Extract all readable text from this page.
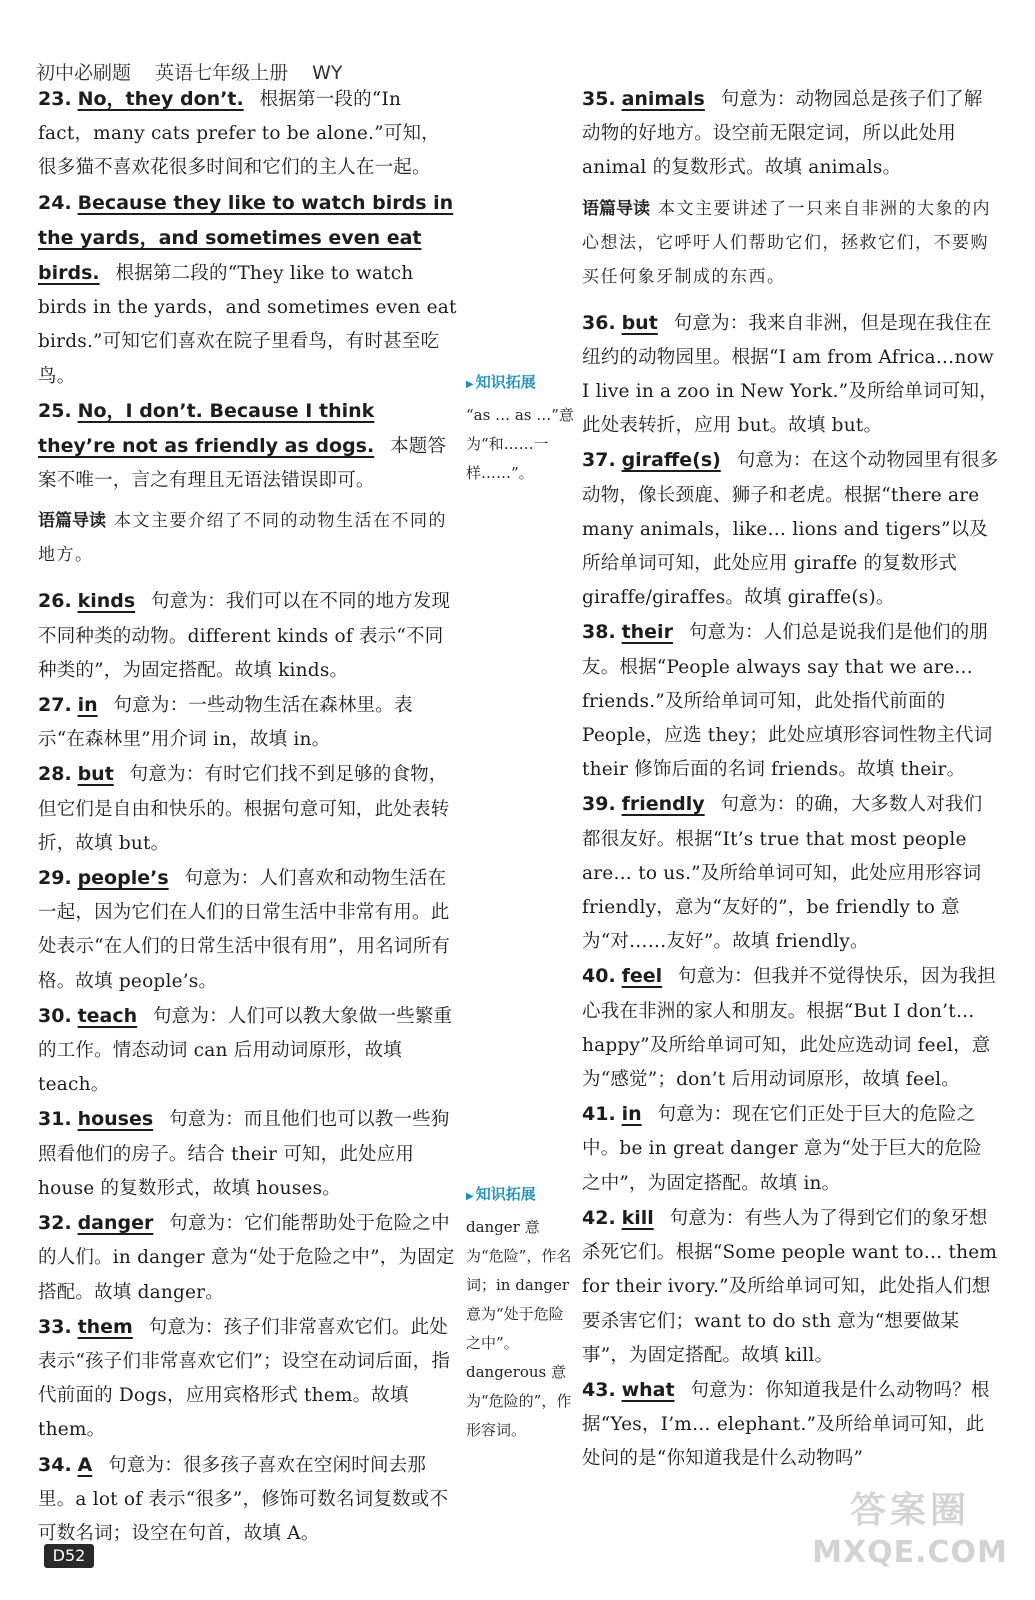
初中必刷题 英语七年级上册 WY

23. No，they don’t. 根据第一段的“In fact，many cats prefer to be alone.”可知，很多猫不喜欢花很多时间和它们的主人在一起。

24. Because they like to watch birds in the yards，and sometimes even eat birds. 根据第二段的“They like to watch birds in the yards，and sometimes even eat birds.”可知它们喜欢在院子里看鸟，有时甚至吃鸟。

25. No，I don’t. Because I think they’re not as friendly as dogs. 本题答案不唯一，言之有理且无语法错误即可。

语篇导读 本文主要介绍了不同的动物生活在不同的地方。

26. kinds 句意为：我们可以在不同的地方发现不同种类的动物。different kinds of 表示“不同种类的”，为固定搭配。故填 kinds。

27. in 句意为：一些动物生活在森林里。表示“在森林里”用介词 in，故填 in。

28. but 句意为：有时它们找不到足够的食物，但它们是自由和快乐的。根据句意可知，此处表转折，故填 but。

29. people’s 句意为：人们喜欢和动物生活在一起，因为它们在人们的日常生活中非常有用。此处表示“在人们的日常生活中很有用”，用名词所有格。故填 people’s。

30. teach 句意为：人们可以教大象做一些繁重的工作。情态动词 can 后用动词原形，故填 teach。

31. houses 句意为：而且他们也可以教一些狗照看他们的房子。结合 their 可知，此处应用 house 的复数形式，故填 houses。

32. danger 句意为：它们能帮助处于危险之中的人们。in danger 意为“处于危险之中”，为固定搭配。故填 danger。

33. them 句意为：孩子们非常喜欢它们。此处表示“孩子们非常喜欢它们”；设空在动词后面，指代前面的 Dogs，应用宾格形式 them。故填 them。

34. A 句意为：很多孩子喜欢在空闲时间去那里。a lot of 表示“很多”，修饰可数名词复数或不可数名词；设空在句首，故填 A。

▶ 知识拓展
“as … as …”意为“和……一样……”。
▶ 知识拓展
danger 意为“危险”，作名词；in danger 意为“处于危险之中”。dangerous 意为“危险的”，作形容词。

35. animals 句意为：动物园总是孩子们了解动物的好地方。设空前无限定词，所以此处用 animal 的复数形式。故填 animals。

语篇导读 本文主要讲述了一只来自非洲的大象的内心想法，它呼吁人们帮助它们，拯救它们，不要购买任何象牙制成的东西。

36. but 句意为：我来自非洲，但是现在我住在纽约的动物园里。根据“I am from Africa…now I live in a zoo in New York.”及所给单词可知，此处表转折，应用 but。故填 but。

37. giraffe(s) 句意为：在这个动物园里有很多动物，像长颈鹿、狮子和老虎。根据“there are many animals，like… lions and tigers”以及所给单词可知，此处应用 giraffe 的复数形式 giraffe/giraffes。故填 giraffe(s)。

38. their 句意为：人们总是说我们是他们的朋友。根据“People always say that we are… friends.”及所给单词可知，此处指代前面的 People，应选 they；此处应填形容词性物主代词 their 修饰后面的名词 friends。故填 their。

39. friendly 句意为：的确，大多数人对我们都很友好。根据“It’s true that most people are… to us.”及所给单词可知，此处应用形容词 friendly，意为“友好的”，be friendly to 意为“对……友好”。故填 friendly。

40. feel 句意为：但我并不觉得快乐，因为我担心我在非洲的家人和朋友。根据“But I don’t… happy”及所给单词可知，此处应选动词 feel，意为“感觉”；don’t 后用动词原形，故填 feel。

41. in 句意为：现在它们正处于巨大的危险之中。be in great danger 意为“处于巨大的危险之中”，为固定搭配。故填 in。

42. kill 句意为：有些人为了得到它们的象牙想杀死它们。根据“Some people want to… them for their ivory.”及所给单词可知，此处指人们想要杀害它们；want to do sth 意为“想要做某事”，为固定搭配。故填 kill。

43. what 句意为：你知道我是什么动物吗？根据“Yes，I’m… elephant.”及所给单词可知，此处问的是“你知道我是什么动物吗”

D52
答案圈
MXQE.COM
